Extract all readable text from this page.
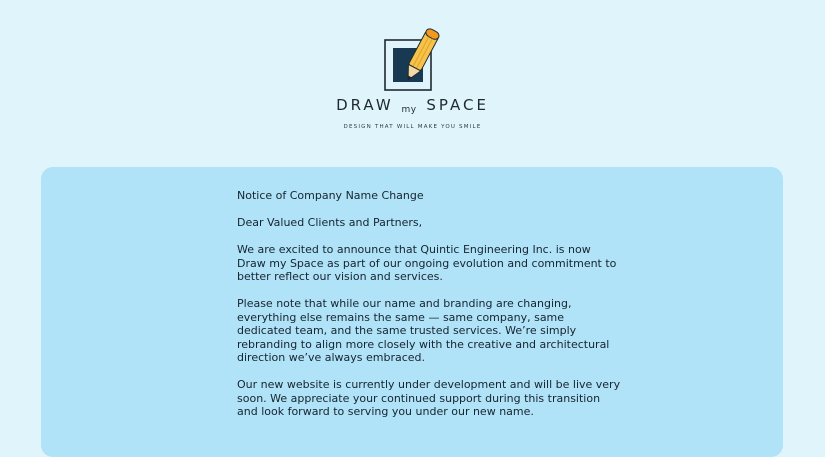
DRAW my SPACE
DESIGN THAT WILL MAKE YOU SMILE

Notice of Company Name Change

Dear Valued Clients and Partners,

We are excited to announce that Quintic Engineering Inc. is now
Draw my Space as part of our ongoing evolution and commitment to
better reflect our vision and services.

Please note that while our name and branding are changing,
everything else remains the same — same company, same
dedicated team, and the same trusted services. We’re simply
rebranding to align more closely with the creative and architectural
direction we’ve always embraced.

Our new website is currently under development and will be live very
soon. We appreciate your continued support during this transition
and look forward to serving you under our new name.
